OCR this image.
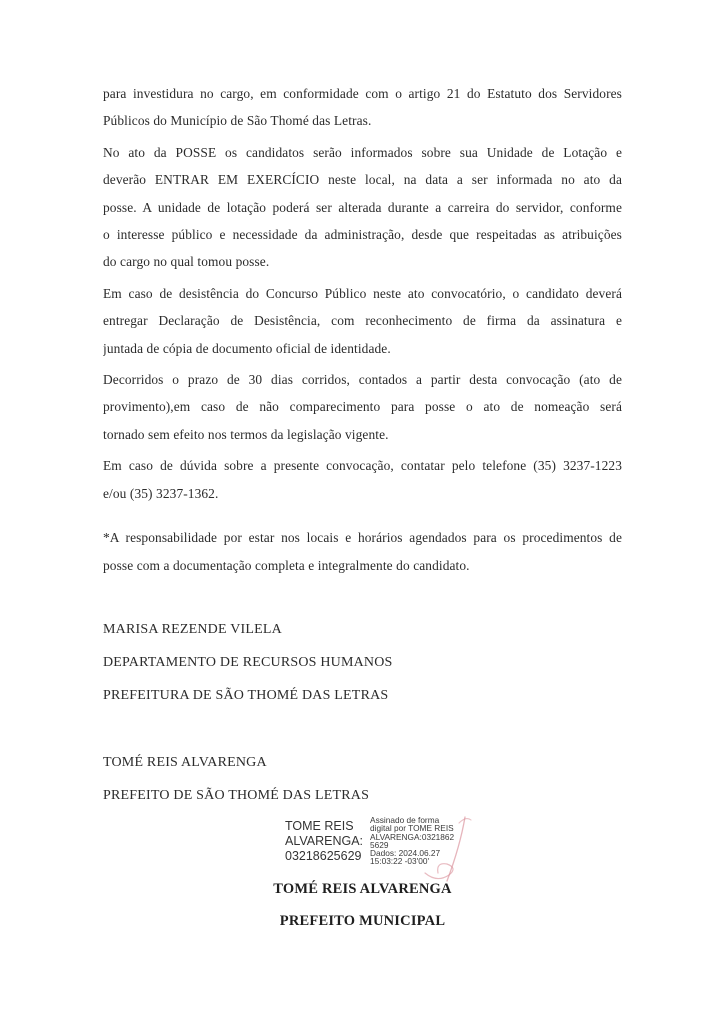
para investidura no cargo, em conformidade com o artigo 21 do Estatuto dos Servidores
Públicos do Município de São Thomé das Letras.

No ato da POSSE os candidatos serão informados sobre sua Unidade de Lotação e
deverão ENTRAR EM EXERCÍCIO neste local, na data a ser informada no ato da
posse. A unidade de lotação poderá ser alterada durante a carreira do servidor, conforme
o interesse público e necessidade da administração, desde que respeitadas as atribuições
do cargo no qual tomou posse.

Em caso de desistência do Concurso Público neste ato convocatório, o candidato deverá
entregar Declaração de Desistência, com reconhecimento de firma da assinatura e
juntada de cópia de documento oficial de identidade.

Decorridos o prazo de 30 dias corridos, contados a partir desta convocação (ato de
provimento),em caso de não comparecimento para posse o ato de nomeação será
tornado sem efeito nos termos da legislação vigente.

Em caso de dúvida sobre a presente convocação, contatar pelo telefone (35) 3237-1223
e/ou (35) 3237-1362.

*A responsabilidade por estar nos locais e horários agendados para os procedimentos de
posse com a documentação completa e integralmente do candidato.

MARISA REZENDE VILELA
DEPARTAMENTO DE RECURSOS HUMANOS
PREFEITURA DE SÃO THOMÉ DAS LETRAS
TOMÉ REIS ALVARENGA
PREFEITO DE SÃO THOMÉ DAS LETRAS
TOME REIS
ALVARENGA:
03218625629
Assinado de forma
digital por TOME REIS
ALVARENGA:0321862
5629
Dados: 2024.06.27
15:03:22 -03'00'
TOMÉ REIS ALVARENGA
PREFEITO MUNICIPAL
